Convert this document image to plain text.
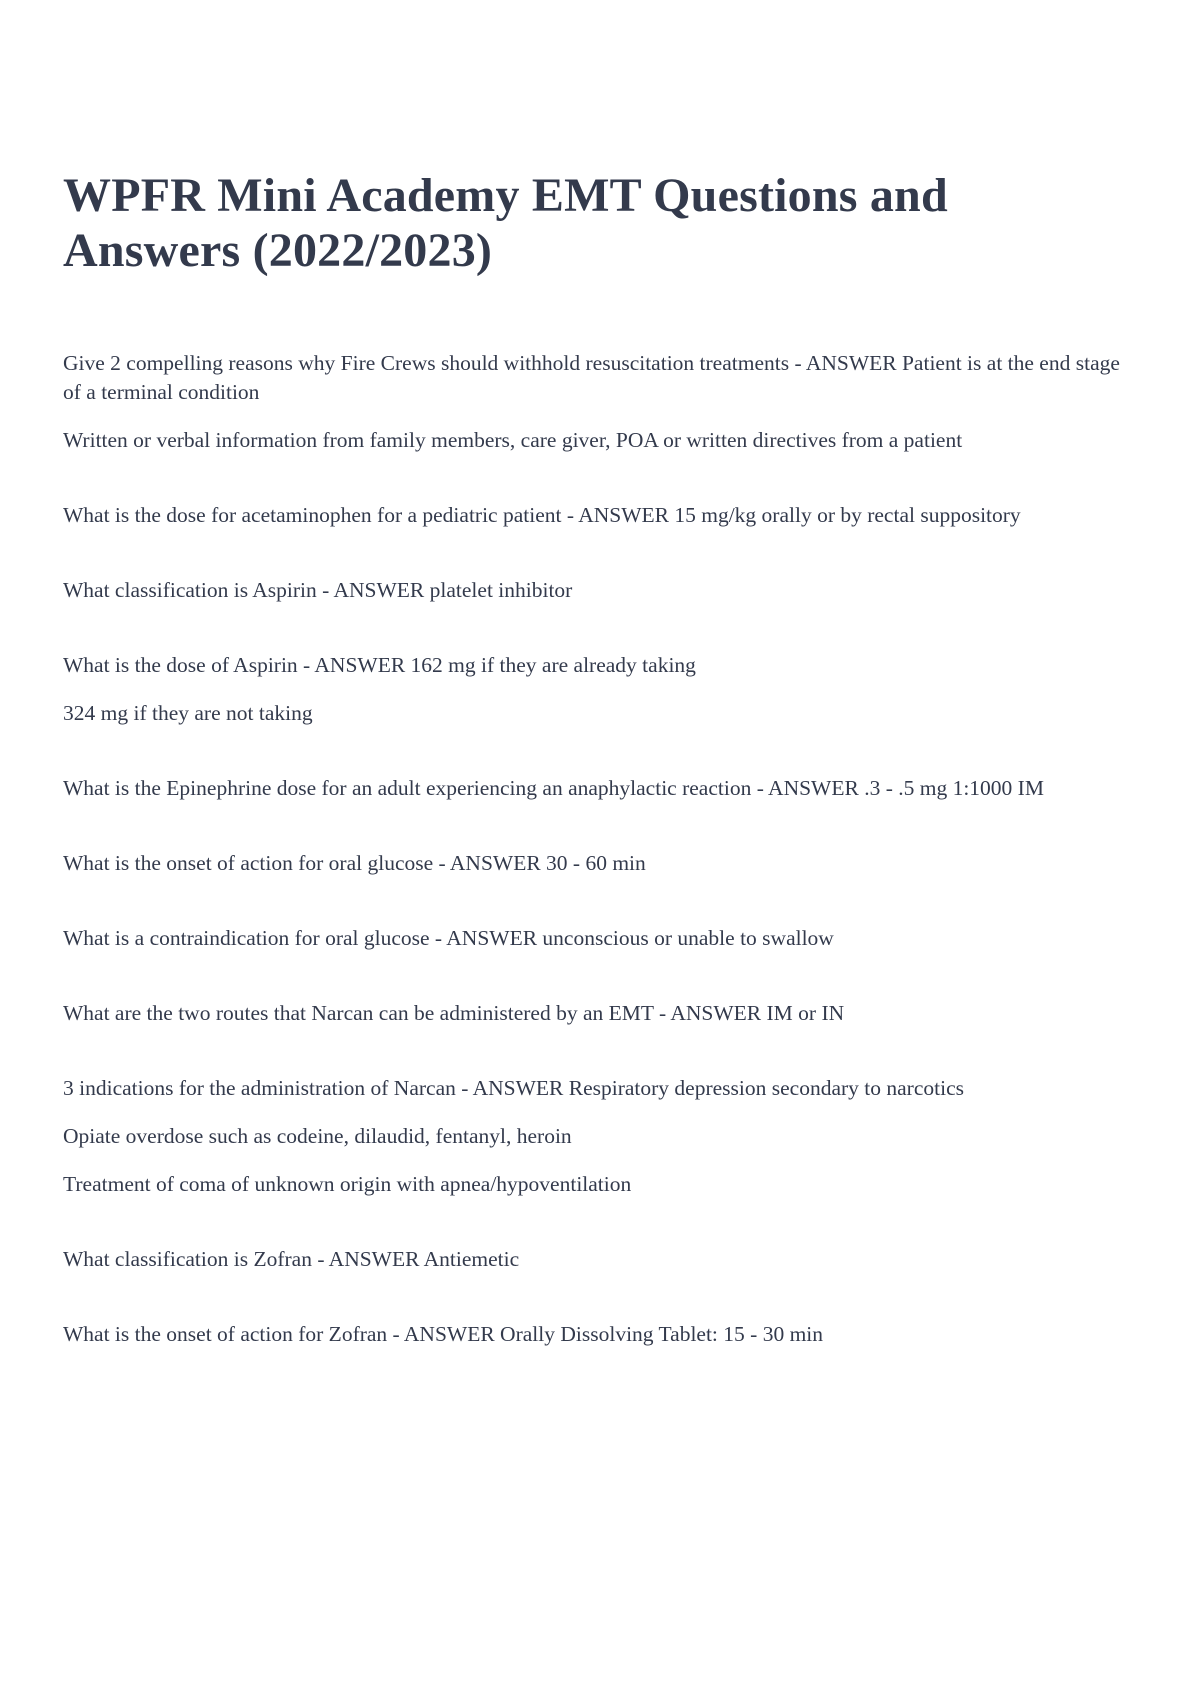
WPFR Mini Academy EMT Questions and Answers (2022/2023)

Give 2 compelling reasons why Fire Crews should withhold resuscitation treatments - ANSWER Patient is at the end stage of a terminal condition

Written or verbal information from family members, care giver, POA or written directives from a patient

What is the dose for acetaminophen for a pediatric patient - ANSWER 15 mg/kg orally or by rectal suppository

What classification is Aspirin - ANSWER platelet inhibitor

What is the dose of Aspirin - ANSWER 162 mg if they are already taking

324 mg if they are not taking

What is the Epinephrine dose for an adult experiencing an anaphylactic reaction - ANSWER .3 - .5 mg 1:1000 IM

What is the onset of action for oral glucose - ANSWER 30 - 60 min

What is a contraindication for oral glucose - ANSWER unconscious or unable to swallow

What are the two routes that Narcan can be administered by an EMT - ANSWER IM or IN

3 indications for the administration of Narcan - ANSWER Respiratory depression secondary to narcotics

Opiate overdose such as codeine, dilaudid, fentanyl, heroin

Treatment of coma of unknown origin with apnea/hypoventilation

What classification is Zofran - ANSWER Antiemetic

What is the onset of action for Zofran - ANSWER Orally Dissolving Tablet: 15 - 30 min
